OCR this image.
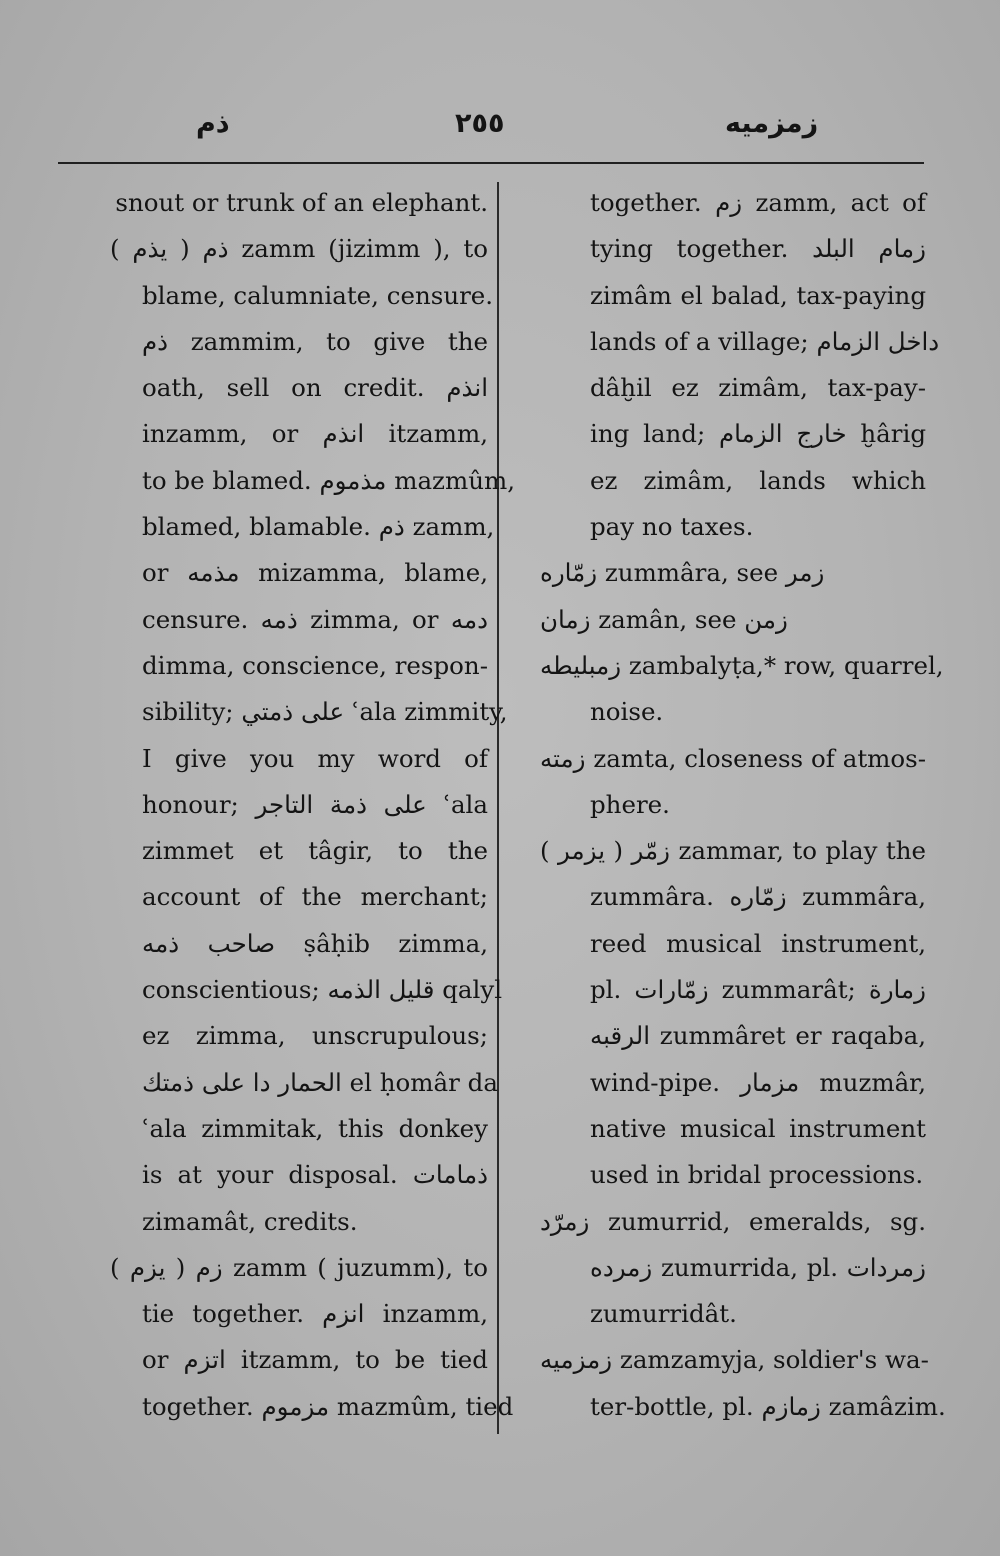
ذم	٢٥٥	زمزميه
snout or trunk of an elephant.
ذم ( يذم ) zamm (jizimm ), to
blame, calumniate, censure.
ذم zammim, to give the
oath, sell on credit. انذم
inzamm, or انذم itzamm,
to be blamed. مذموم mazmûm,
blamed, blamable. ذم zamm,
or مذمه mizamma, blame,
censure. ذمه zimma, or دمه
dimma, conscience, respon-
sibility; على ذمتي ʿala zimmity,
I give you my word of
honour; على ذمة التاجر ʿala
zimmet et tâgir, to the
account of the merchant;
صاحب ذمه ṣâḥib zimma,
conscientious; قليل الذمه qalyl
ez zimma, unscrupulous;
الحمار دا على ذمتك el ḥomâr da
ʿala zimmitak, this donkey
is at your disposal. ذمامات
zimamât, credits.
زم ( يزم ) zamm ( juzumm), to
tie together. انزم inzamm,
or اتزم itzamm, to be tied
together. مزموم mazmûm, tied
together. زم zamm, act of
tying together. زمام البلد
zimâm el balad, tax-paying
lands of a village; داخل الزمام
dâḫil ez zimâm, tax-pay-
ing land; خارج الزمام ḫârig
ez zimâm, lands which
pay no taxes.
زمّاره zummâra, see زمر
زمان zamân, see زمن
زمبليطه zambalyṭa,* row, quarrel,
noise.
زمته zamta, closeness of atmos-
phere.
زمّر ( يزمر ) zammar, to play the
zummâra. زمّاره zummâra,
reed musical instrument,
pl. زمّارات zummarât; زمارة
الرقبه zummâret er raqaba,
wind-pipe. مزمار muzmâr,
native musical instrument
used in bridal processions.
زمرّد zumurrid, emeralds, sg.
زمرده zumurrida, pl. زمردات
zumurridât.
زمزميه zamzamyja, soldier's wa-
ter-bottle, pl. زمازم zamâzim.
